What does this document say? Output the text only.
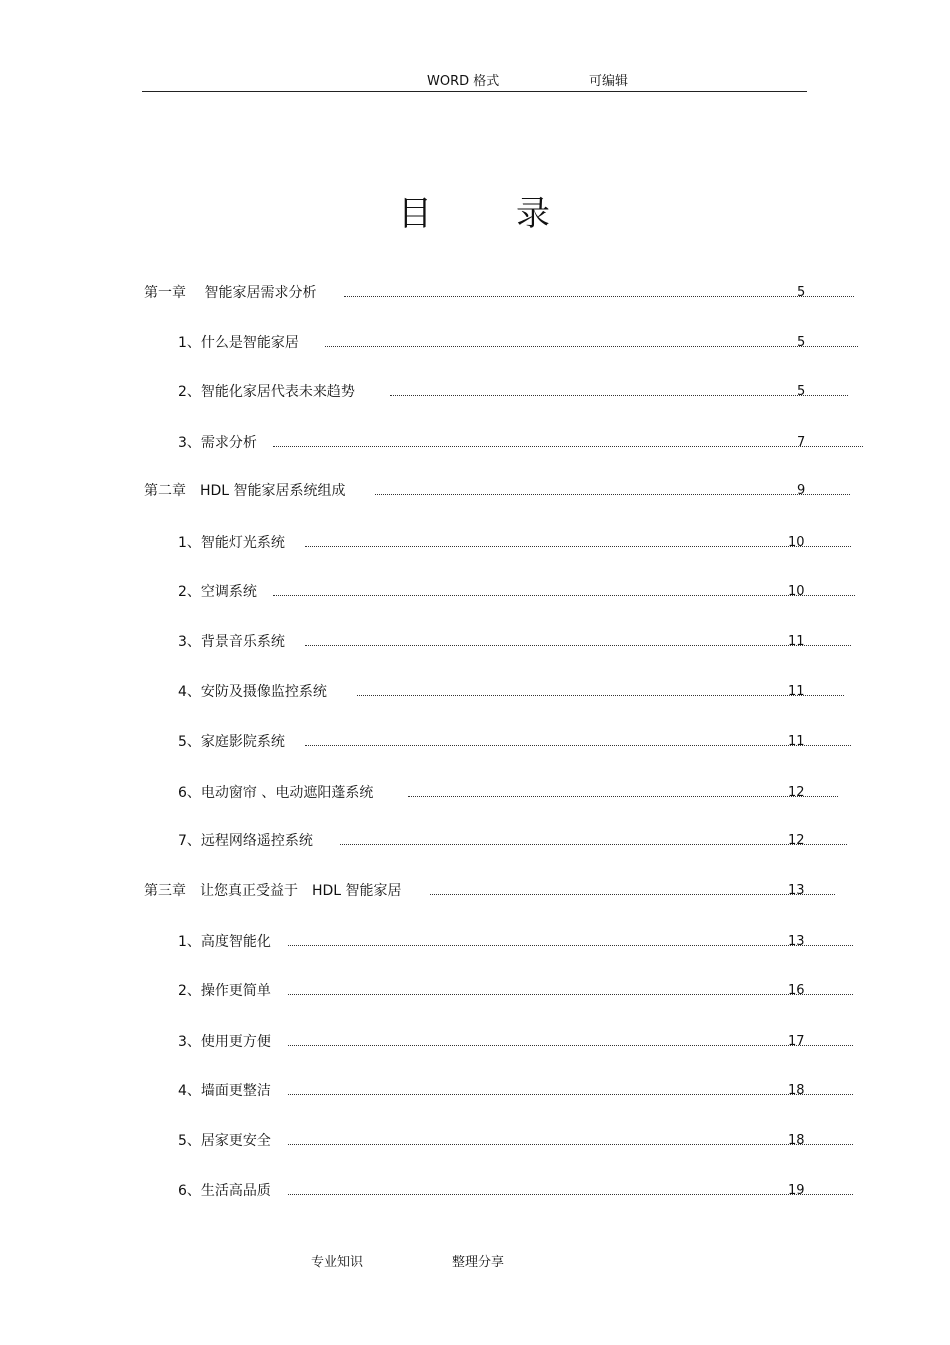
WORD 格式	可编辑
目 录
第一章　 智能家居需求分析	5
1、什么是智能家居	5
2、智能化家居代表未来趋势	5
3、需求分析	7
第二章　HDL 智能家居系统组成	9
1、智能灯光系统	10
2、空调系统	10
3、背景音乐系统	11
4、安防及摄像监控系统	11
5、家庭影院系统	11
6、电动窗帘 、电动遮阳蓬系统	12
7、远程网络遥控系统	12
第三章　让您真正受益于　HDL 智能家居	13
1、高度智能化	13
2、操作更简单	16
3、使用更方便	17
4、墙面更整洁	18
5、居家更安全	18
6、生活高品质	19
专业知识	整理分享
